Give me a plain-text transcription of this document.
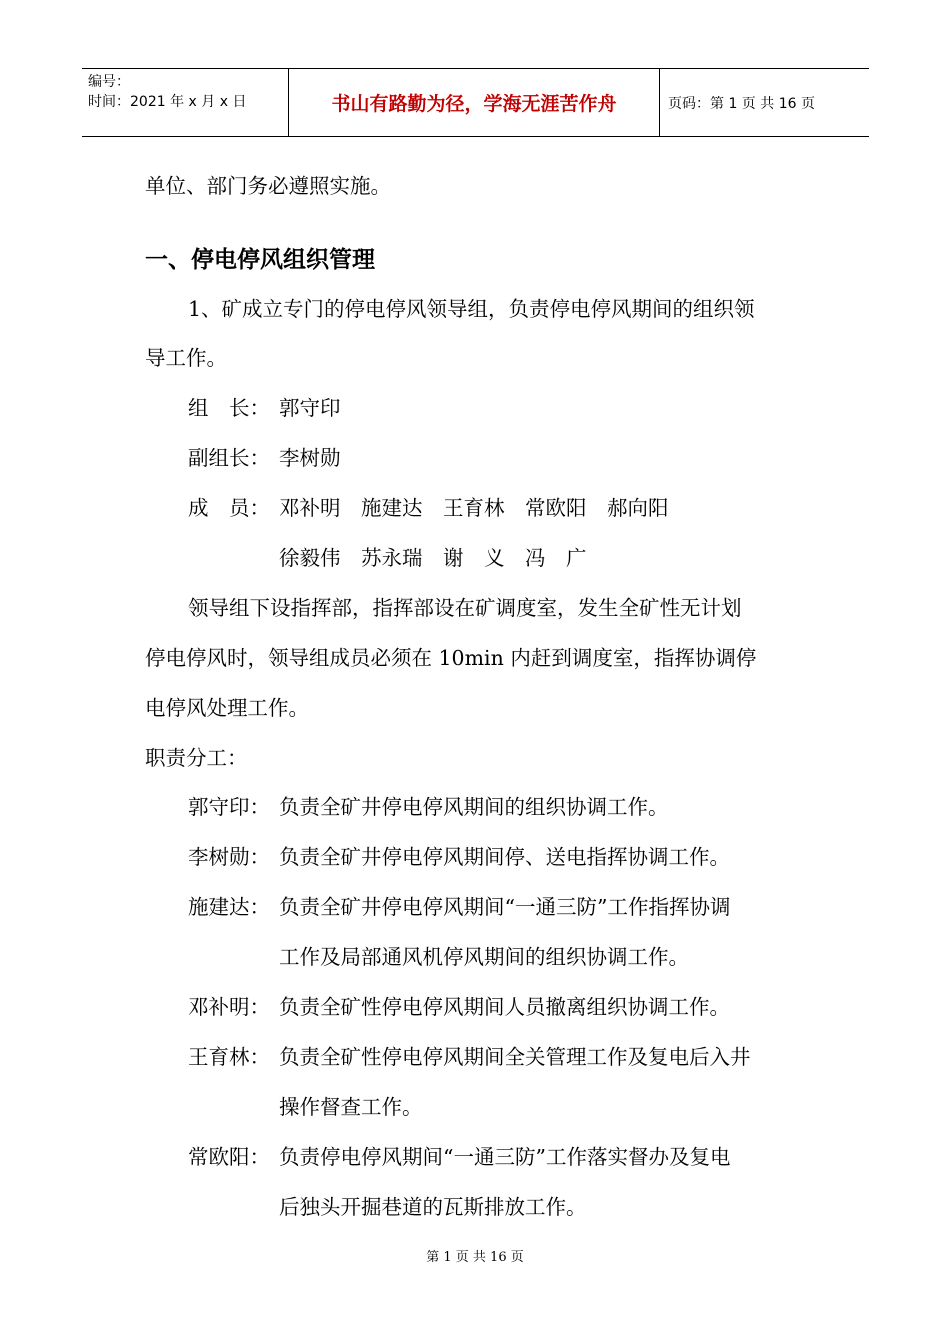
编号：
时间：2021 年 x 月 x 日	书山有路勤为径，学海无涯苦作舟	页码：第 1 页 共 16 页
单位、部门务必遵照实施。
一、停电停风组织管理
1、矿成立专门的停电停风领导组，负责停电停风期间的组织领
导工作。
组　长： 郭守印
副组长： 李树勋
成　员： 邓补明　施建达　王育林　常欧阳　郝向阳
徐毅伟　苏永瑞　谢　义　冯　广
领导组下设指挥部，指挥部设在矿调度室，发生全矿性无计划
停电停风时，领导组成员必须在 10min 内赶到调度室，指挥协调停
电停风处理工作。
职责分工：
郭守印： 负责全矿井停电停风期间的组织协调工作。
李树勋： 负责全矿井停电停风期间停、送电指挥协调工作。
施建达： 负责全矿井停电停风期间“一通三防”工作指挥协调
工作及局部通风机停风期间的组织协调工作。
邓补明： 负责全矿性停电停风期间人员撤离组织协调工作。
王育林： 负责全矿性停电停风期间全关管理工作及复电后入井
操作督查工作。
常欧阳： 负责停电停风期间“一通三防”工作落实督办及复电
后独头开掘巷道的瓦斯排放工作。
第 1 页 共 16 页
